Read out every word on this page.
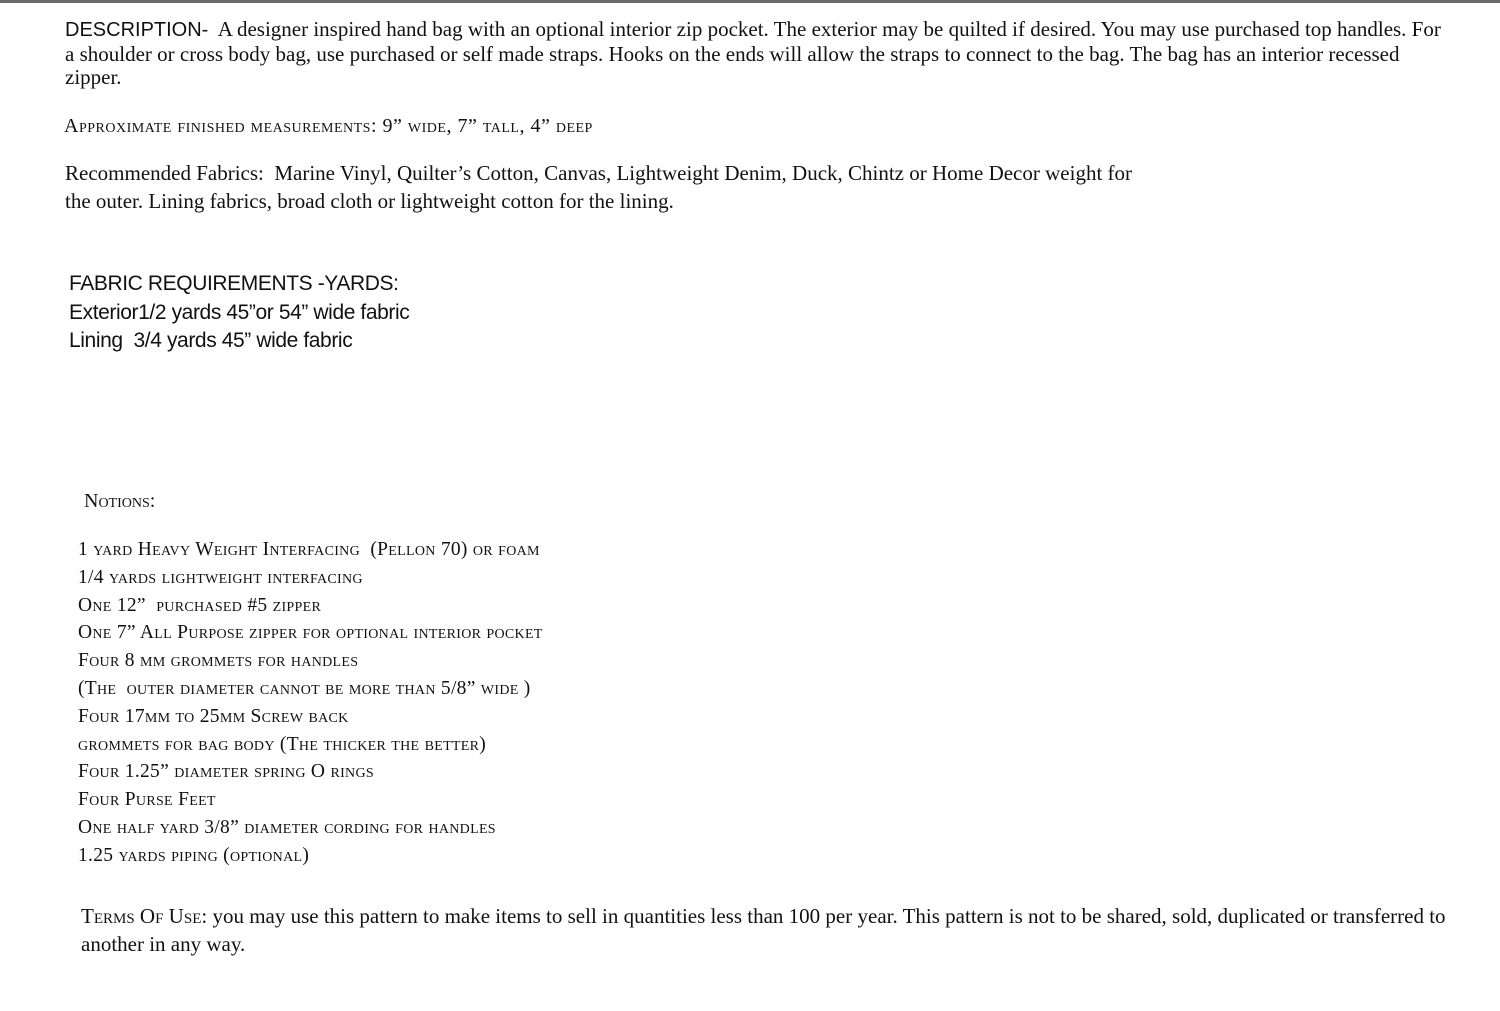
DESCRIPTION- A designer inspired hand bag with an optional interior zip pocket. The exterior may be quilted if desired. You may use purchased top handles. For a shoulder or cross body bag, use purchased or self made straps. Hooks on the ends will allow the straps to connect to the bag. The bag has an interior recessed zipper.

Approximate finished measurements: 9” wide, 7” tall, 4” deep

Recommended Fabrics:  Marine Vinyl, Quilter’s Cotton, Canvas, Lightweight Denim, Duck, Chintz or Home Decor weight for
the outer. Lining fabrics, broad cloth or lightweight cotton for the lining.
FABRIC REQUIREMENTS -YARDS:
Exterior1/2 yards 45”or 54” wide fabric
Lining  3/4 yards 45” wide fabric
Notions:
1 yard Heavy Weight Interfacing  (Pellon 70) or foam
1/4 yards lightweight interfacing
One 12”  purchased #5 zipper
One 7” All Purpose zipper for optional interior pocket
Four 8 mm grommets for handles
(The  outer diameter cannot be more than 5/8” wide )
Four 17mm to 25mm Screw back
grommets for bag body (The thicker the better)
Four 1.25” diameter spring O rings
Four Purse Feet
One half yard 3/8” diameter cording for handles
1.25 yards piping (optional)

Terms Of Use: you may use this pattern to make items to sell in quantities less than 100 per year. This pattern is not to be shared, sold, duplicated or transferred to another in any way.
